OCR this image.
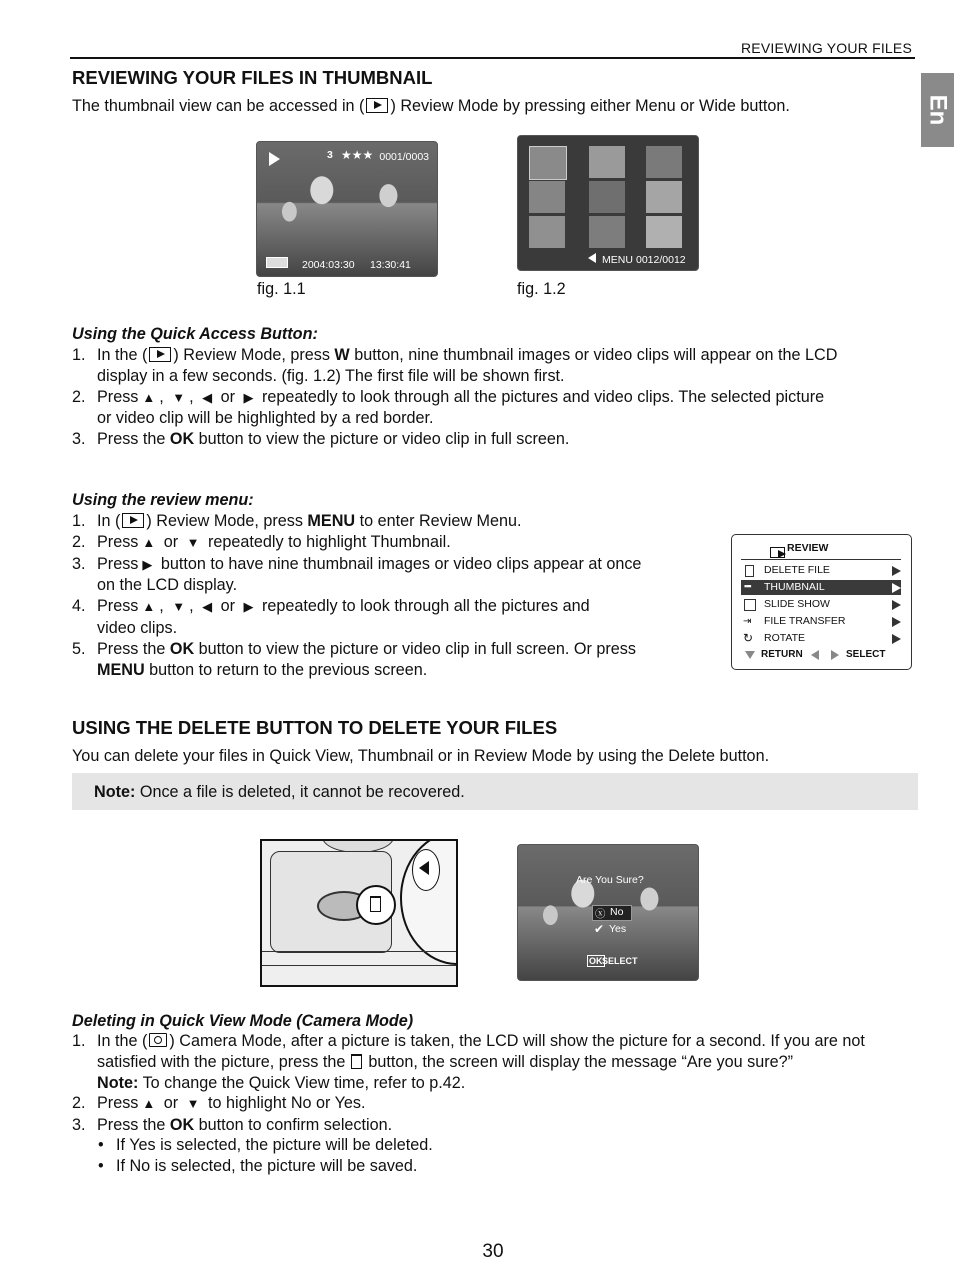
REVIEWING YOUR FILES
En
REVIEWING YOUR FILES IN THUMBNAIL
The thumbnail view can be accessed in ( ) Review Mode by pressing either Menu or Wide button.
3 ★★★ 0001/0003
2004:03:30 13:30:41
fig. 1.1
MENU 0012/0012
fig. 1.2
Using the Quick Access Button:
1. In the ( ) Review Mode, press W button, nine thumbnail images or video clips will appear on the LCD
display in a few seconds. (fig. 1.2) The first file will be shown first.
2. Press ▲ , ▼ , ◀ or ▶ repeatedly to look through all the pictures and video clips. The selected picture
or video clip will be highlighted by a red border.
3. Press the OK button to view the picture or video clip in full screen.
Using the review menu:
1. In ( ) Review Mode, press MENU to enter Review Menu.
2. Press ▲ or ▼ repeatedly to highlight Thumbnail.
3. Press ▶ button to have nine thumbnail images or video clips appear at once
on the LCD display.
4. Press ▲ , ▼ , ◀ or ▶ repeatedly to look through all the pictures and
video clips.
5. Press the OK button to view the picture or video clip in full screen. Or press
MENU button to return to the previous screen.
REVIEW
DELETE FILE
▪▪▪ THUMBNAIL
SLIDE SHOW
⇥ FILE TRANSFER
↻ ROTATE
RETURN	SELECT
USING THE DELETE BUTTON TO DELETE YOUR FILES
You can delete your files in Quick View, Thumbnail or in Review Mode by using the Delete button.
Note: Once a file is deleted, it cannot be recovered.
Are You Sure?
ⓧ No
✔ Yes
OK SELECT
Deleting in Quick View Mode (Camera Mode)
1. In the ( ) Camera Mode, after a picture is taken, the LCD will show the picture for a second. If you are not
satisfied with the picture, press the button, the screen will display the message “Are you sure?”
Note: To change the Quick View time, refer to p.42.
2. Press ▲ or ▼ to highlight No or Yes.
3. Press the OK button to confirm selection.
• If Yes is selected, the picture will be deleted.
• If No is selected, the picture will be saved.
30
